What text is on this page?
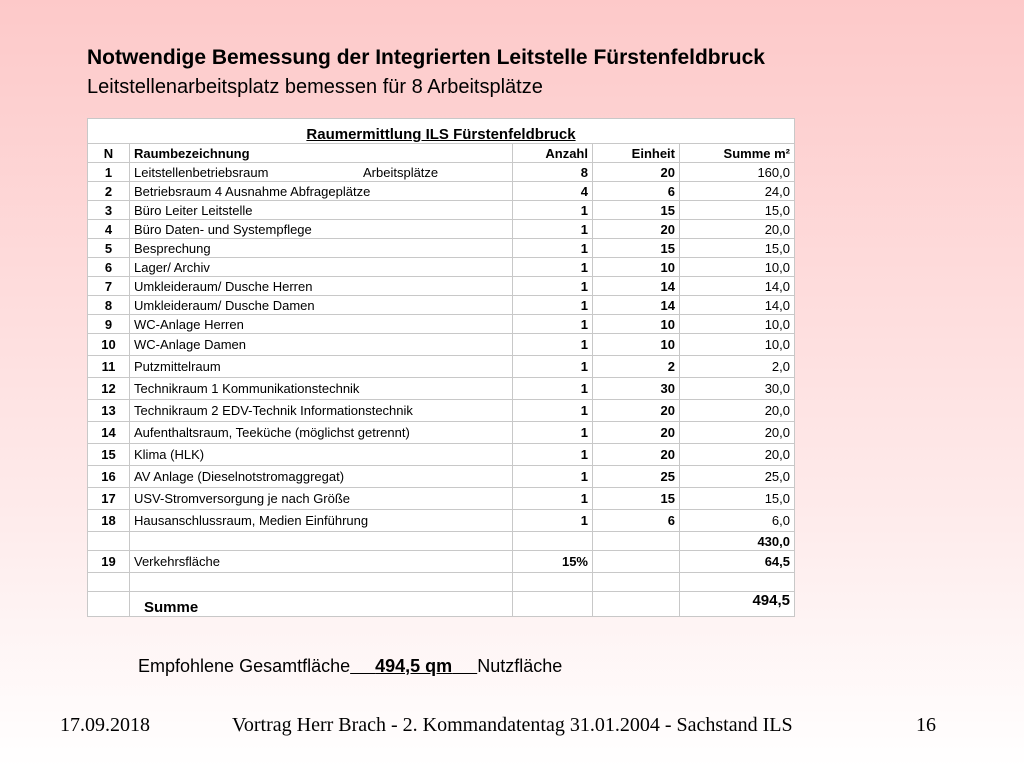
Notwendige Bemessung der Integrierten Leitstelle Fürstenfeldbruck
Leitstellenarbeitsplatz bemessen für 8 Arbeitsplätze
Raumermittlung ILS Fürstenfeldbruck				
N	Raumbezeichnung	Anzahl	Einheit	Summe m²
1	Leitstellenbetriebsraum Arbeitsplätze	8	20	160,0
2	Betriebsraum 4 Ausnahme Abfrageplätze	4	6	24,0
3	Büro Leiter Leitstelle	1	15	15,0
4	Büro Daten- und Systempflege	1	20	20,0
5	Besprechung	1	15	15,0
6	Lager/ Archiv	1	10	10,0
7	Umkleideraum/ Dusche Herren	1	14	14,0
8	Umkleideraum/ Dusche Damen	1	14	14,0
9	WC-Anlage Herren	1	10	10,0
10	WC-Anlage Damen	1	10	10,0
11	Putzmittelraum	1	2	2,0
12	Technikraum 1 Kommunikationstechnik	1	30	30,0
13	Technikraum 2 EDV-Technik Informationstechnik	1	20	20,0
14	Aufenthaltsraum, Teeküche (möglichst getrennt)	1	20	20,0
15	Klima (HLK)	1	20	20,0
16	AV Anlage (Dieselnotstromaggregat)	1	25	25,0
17	USV-Stromversorgung je nach Größe	1	15	15,0
18	Hausanschlussraum, Medien Einführung	1	6	6,0
				430,0
19	Verkehrsfläche	15%		64,5

	Summe			494,5
Empfohlene Gesamtfläche 494,5 qm Nutzfläche
17.09.2018	Vortrag Herr Brach - 2. Kommandatentag 31.01.2004 - Sachstand ILS	16
